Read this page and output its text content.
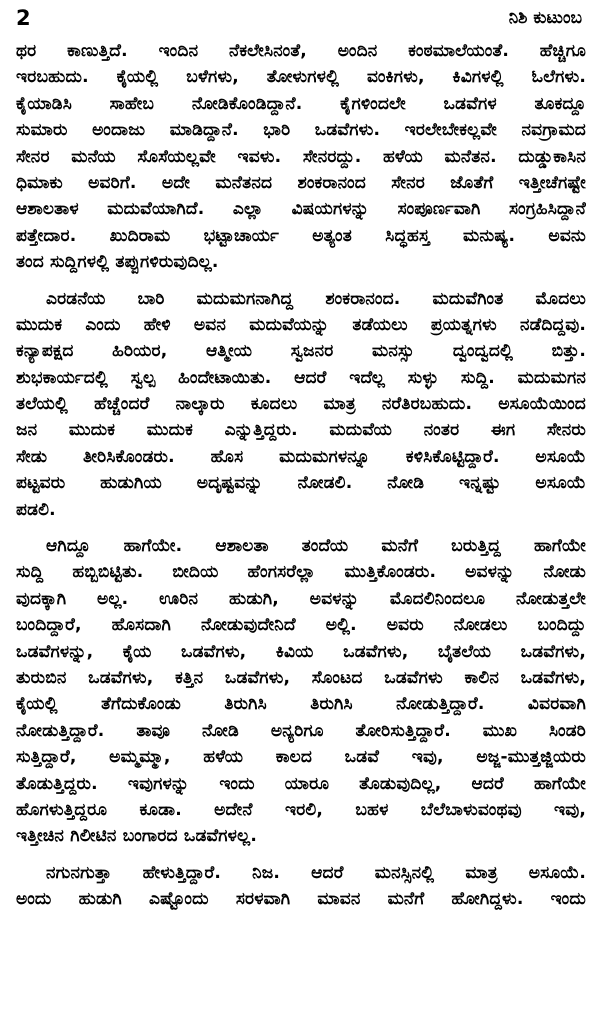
2	ನಿಶಿ ಕುಟುಂಬ
ಥರ ಕಾಣುತ್ತಿದೆ. ಇಂದಿನ ನೆಕಲೇಸಿನಂತೆ, ಅಂದಿನ ಕಂಠಮಾಲೆಯಂತೆ. ಹೆಚ್ಚಿಗೂ
ಇರಬಹುದು. ಕೈಯಲ್ಲಿ ಬಳೆಗಳು, ತೋಳುಗಳಲ್ಲಿ ವಂಕಿಗಳು, ಕಿವಿಗಳಲ್ಲಿ ಓಲೆಗಳು.
ಕೈಯಾಡಿಸಿ ಸಾಹೇಬ ನೋಡಿಕೊಂಡಿದ್ದಾನೆ. ಕೈಗಳಿಂದಲೇ ಒಡವೆಗಳ ತೂಕದ್ದೂ
ಸುಮಾರು ಅಂದಾಜು ಮಾಡಿದ್ದಾನೆ. ಭಾರಿ ಒಡವೆಗಳು. ಇರಲೇಬೇಕಲ್ಲವೇ ನವಗ್ರಾಮದ
ಸೇನರ ಮನೆಯ ಸೊಸೆಯಲ್ಲವೇ ಇವಳು. ಸೇನರದ್ದು. ಹಳೆಯ ಮನೆತನ. ದುಡ್ಡುಕಾಸಿನ
ಧಿಮಾಕು ಅವರಿಗೆ. ಅದೇ ಮನೆತನದ ಶಂಕರಾನಂದ ಸೇನರ ಜೊತೆಗೆ ಇತ್ತೀಚೆಗಷ್ಟೇ
ಆಶಾಲತಾಳ ಮದುವೆಯಾಗಿದೆ. ಎಲ್ಲಾ ವಿಷಯಗಳನ್ನು ಸಂಪೂರ್ಣವಾಗಿ ಸಂಗ್ರಹಿಸಿದ್ದಾನೆ
ಪತ್ತೇದಾರ. ಖುದಿರಾಮ ಭಟ್ಟಾಚಾರ್ಯ ಅತ್ಯಂತ ಸಿದ್ಧಹಸ್ತ ಮನುಷ್ಯ. ಅವನು
ತಂದ ಸುದ್ದಿಗಳಲ್ಲಿ ತಪ್ಪುಗಳಿರುವುದಿಲ್ಲ.
ಎರಡನೆಯ ಬಾರಿ ಮದುಮಗನಾಗಿದ್ದ ಶಂಕರಾನಂದ. ಮದುವೆಗಿಂತ ಮೊದಲು
ಮುದುಕ ಎಂದು ಹೇಳಿ ಅವನ ಮದುವೆಯನ್ನು ತಡೆಯಲು ಪ್ರಯತ್ನಗಳು ನಡೆದಿದ್ದವು.
ಕನ್ಯಾಪಕ್ಷದ ಹಿರಿಯರ, ಆತ್ಮೀಯ ಸ್ವಜನರ ಮನಸ್ಸು ದ್ವಂದ್ವದಲ್ಲಿ ಬಿತ್ತು.
ಶುಭಕಾರ್ಯದಲ್ಲಿ ಸ್ವಲ್ಪ ಹಿಂದೇಟಾಯಿತು. ಆದರೆ ಇದೆಲ್ಲ ಸುಳ್ಳು ಸುದ್ದಿ. ಮದುಮಗನ
ತಲೆಯಲ್ಲಿ ಹೆಚ್ಚೆಂದರೆ ನಾಲ್ಕಾರು ಕೂದಲು ಮಾತ್ರ ನರೆತಿರಬಹುದು. ಅಸೂಯೆಯಿಂದ
ಜನ ಮುದುಕ ಮುದುಕ ಎನ್ನುತ್ತಿದ್ದರು. ಮದುವೆಯ ನಂತರ ಈಗ ಸೇನರು
ಸೇಡು ತೀರಿಸಿಕೊಂಡರು. ಹೊಸ ಮದುಮಗಳನ್ನೂ ಕಳಿಸಿಕೊಟ್ಟಿದ್ದಾರೆ. ಅಸೂಯೆ
ಪಟ್ಟವರು ಹುಡುಗಿಯ ಅದೃಷ್ಟವನ್ನು ನೋಡಲಿ. ನೋಡಿ ಇನ್ನಷ್ಟು ಅಸೂಯೆ
ಪಡಲಿ.
ಆಗಿದ್ದೂ ಹಾಗೆಯೇ. ಆಶಾಲತಾ ತಂದೆಯ ಮನೆಗೆ ಬರುತ್ತಿದ್ದ ಹಾಗೆಯೇ
ಸುದ್ದಿ ಹಬ್ಬಿಬಿಟ್ಟಿತು. ಬೀದಿಯ ಹೆಂಗಸರೆಲ್ಲಾ ಮುತ್ತಿಕೊಂಡರು. ಅವಳನ್ನು ನೋಡು
ವುದಕ್ಕಾಗಿ ಅಲ್ಲ. ಊರಿನ ಹುಡುಗಿ, ಅವಳನ್ನು ಮೊದಲಿನಿಂದಲೂ ನೋಡುತ್ತಲೇ
ಬಂದಿದ್ದಾರೆ, ಹೊಸದಾಗಿ ನೋಡುವುದೇನಿದೆ ಅಲ್ಲಿ. ಅವರು ನೋಡಲು ಬಂದಿದ್ದು
ಒಡವೆಗಳನ್ನು, ಕೈಯ ಒಡವೆಗಳು, ಕಿವಿಯ ಒಡವೆಗಳು, ಬೈತಲೆಯ ಒಡವೆಗಳು,
ತುರುಬಿನ ಒಡವೆಗಳು, ಕತ್ತಿನ ಒಡವೆಗಳು, ಸೊಂಟದ ಒಡವೆಗಳು ಕಾಲಿನ ಒಡವೆಗಳು,
ಕೈಯಲ್ಲಿ ತೆಗೆದುಕೊಂಡು ತಿರುಗಿಸಿ ತಿರುಗಿಸಿ ನೋಡುತ್ತಿದ್ದಾರೆ. ವಿವರವಾಗಿ
ನೋಡುತ್ತಿದ್ದಾರೆ. ತಾವೂ ನೋಡಿ ಅನ್ಯರಿಗೂ ತೋರಿಸುತ್ತಿದ್ದಾರೆ. ಮುಖ ಸಿಂಡರಿ
ಸುತ್ತಿದ್ದಾರೆ, ಅಮ್ಮಮ್ಮಾ, ಹಳೆಯ ಕಾಲದ ಒಡವೆ ಇವು, ಅಜ್ಜ-ಮುತ್ತಜ್ಜಿಯರು
ತೊಡುತ್ತಿದ್ದರು. ಇವುಗಳನ್ನು ಇಂದು ಯಾರೂ ತೊಡುವುದಿಲ್ಲ, ಆದರೆ ಹಾಗೆಯೇ
ಹೊಗಳುತ್ತಿದ್ದರೂ ಕೂಡಾ. ಅದೇನೆ ಇರಲಿ, ಬಹಳ ಬೆಲೆಬಾಳುವಂಥವು ಇವು,
ಇತ್ತೀಚಿನ ಗಿಲೀಟಿನ ಬಂಗಾರದ ಒಡವೆಗಳಲ್ಲ.
ನಗುನಗುತ್ತಾ ಹೇಳುತ್ತಿದ್ದಾರೆ. ನಿಜ. ಆದರೆ ಮನಸ್ಸಿನಲ್ಲಿ ಮಾತ್ರ ಅಸೂಯೆ.
ಅಂದು ಹುಡುಗಿ ಎಷ್ಟೊಂದು ಸರಳವಾಗಿ ಮಾವನ ಮನೆಗೆ ಹೋಗಿದ್ದಳು. ಇಂದು
